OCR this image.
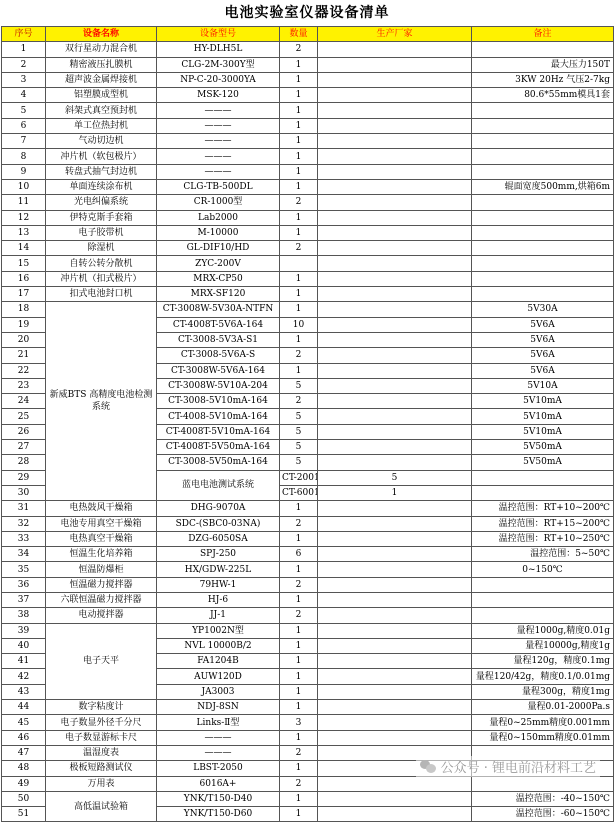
电池实验室仪器设备清单
序号	设备名称	设备型号	数量	生产厂家	备注	
1	双行星动力混合机	HY-DLH5L	2			
2	精密液压扎膜机	CLG-2M-300Y型	1		最大压力150T	
3	超声波金属焊接机	NP-C-20-3000YA	1		3KW 20Hz 气压2-7kg	
4	铝塑膜成型机	MSK-120	1		80.6*55mm模具1套	
5	斜架式真空预封机	———	1			
6	单工位热封机	———	1			
7	气动切边机	———	1			
8	冲片机（软包极片）	———	1			
9	转盘式抽气封边机	———	1			
10	单面连续涂布机	CLG-TB-500DL	1		辊面宽度500mm,烘箱6m	
11	光电纠偏系统	CR-1000型	2			
12	伊特克斯手套箱	Lab2000	1			
13	电子胶带机	M-10000	1			
14	除湿机	GL-DIF10/HD	2			
15	自转公转分散机	ZYC-200V				
16	冲片机（扣式极片）	MRX-CP50	1			
17	扣式电池封口机	MRX-SF120	1			
18	新威BTS 高精度电池检测系统	CT-3008W-5V30A-NTFN	1		5V30A	
19		CT-4008T-5V6A-164	10		5V6A	
20		CT-3008-5V3A-S1	1		5V6A	
21		CT-3008-5V6A-S	2		5V6A	
22		CT-3008W-5V6A-164	1		5V6A	
23		CT-3008W-5V10A-204	5		5V10A	
24		CT-3008-5V10mA-164	2		5V10mA	
25		CT-4008-5V10mA-164	5		5V10mA	
26		CT-4008T-5V10mA-164	5		5V10mA	
27		CT-4008T-5V50mA-164	5		5V50mA	
28		CT-3008-5V50mA-164	5		5V50mA	
29		蓝电电池测试系统	CT-200	5		
30			CT-600	1		
31	电热鼓风干燥箱	DHG-9070A	1		温控范围：RT+10~200℃	
32	电池专用真空干燥箱	SDC-(SBC0-03NA)	2		温控范围：RT+15~200℃	
33	电热真空干燥箱	DZG-6050SA	1		温控范围：RT+10~250℃	
34	恒温生化培养箱	SPJ-250	6		温控范围：5~50℃	
35	恒温防爆柜	HX/GDW-225L	1		0~150℃	
36	恒温磁力搅拌器	79HW-1	2			
37	六联恒温磁力搅拌器	HJ-6	1			
38	电动搅拌器	JJ-1	2			
39	电子天平	YP1002N型	1		量程1000g,精度0.01g	
40		NVL 10000B/2	1		量程10000g,精度1g	
41		FA1204B	1		量程120g，精度0.1mg	
42		AUW120D	1		量程120/42g，精度0.1/0.01mg	
43		JA3003	1		量程300g，精度1mg	
44	数字粘度计	NDJ-8SN	1		量程0.01-2000Pa.s	
45	电子数显外径千分尺	Links-Ⅱ型	3		量程0~25mm精度0.001mm	
46	电子数显游标卡尺	———	1		量程0~150mm精度0.01mm	
47	温湿度表	———	2			
48	极板短路测试仪	LBST-2050	1			
49	万用表	6016A+	2			
50	高低温试验箱	YNK/T150-D40	1		
51		YNK/T150-D60	1		温控范围：-60~150℃	
公众号 · 锂电前沿材料工艺
